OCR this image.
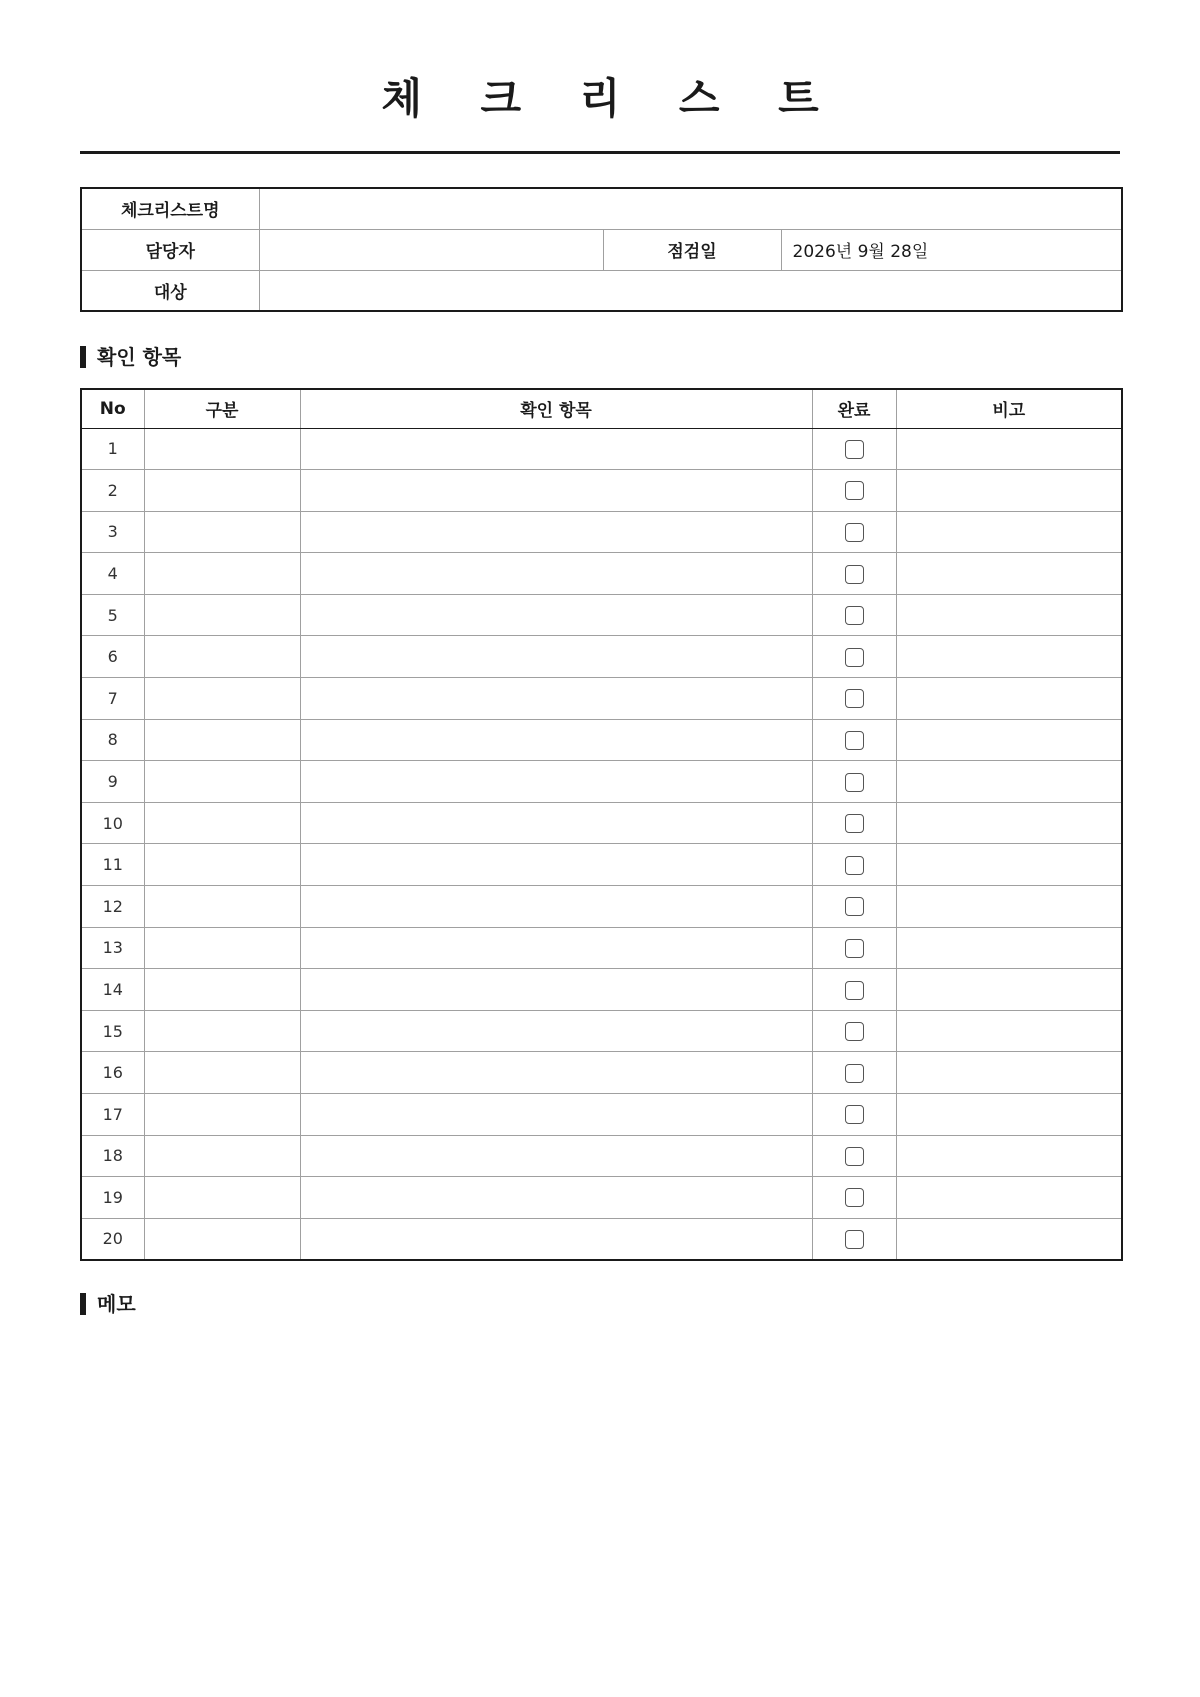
체 크 리 스 트
체크리스트명			
담당자		점검일	2026년 9월 28일
대상			
확인 항목
No	구분	확인 항목	완료	비고
1				
2				
3				
4				
5				
6				
7				
8				
9				
10				
11				
12				
13				
14				
15				
16				
17				
18				
19				
20				
메모
